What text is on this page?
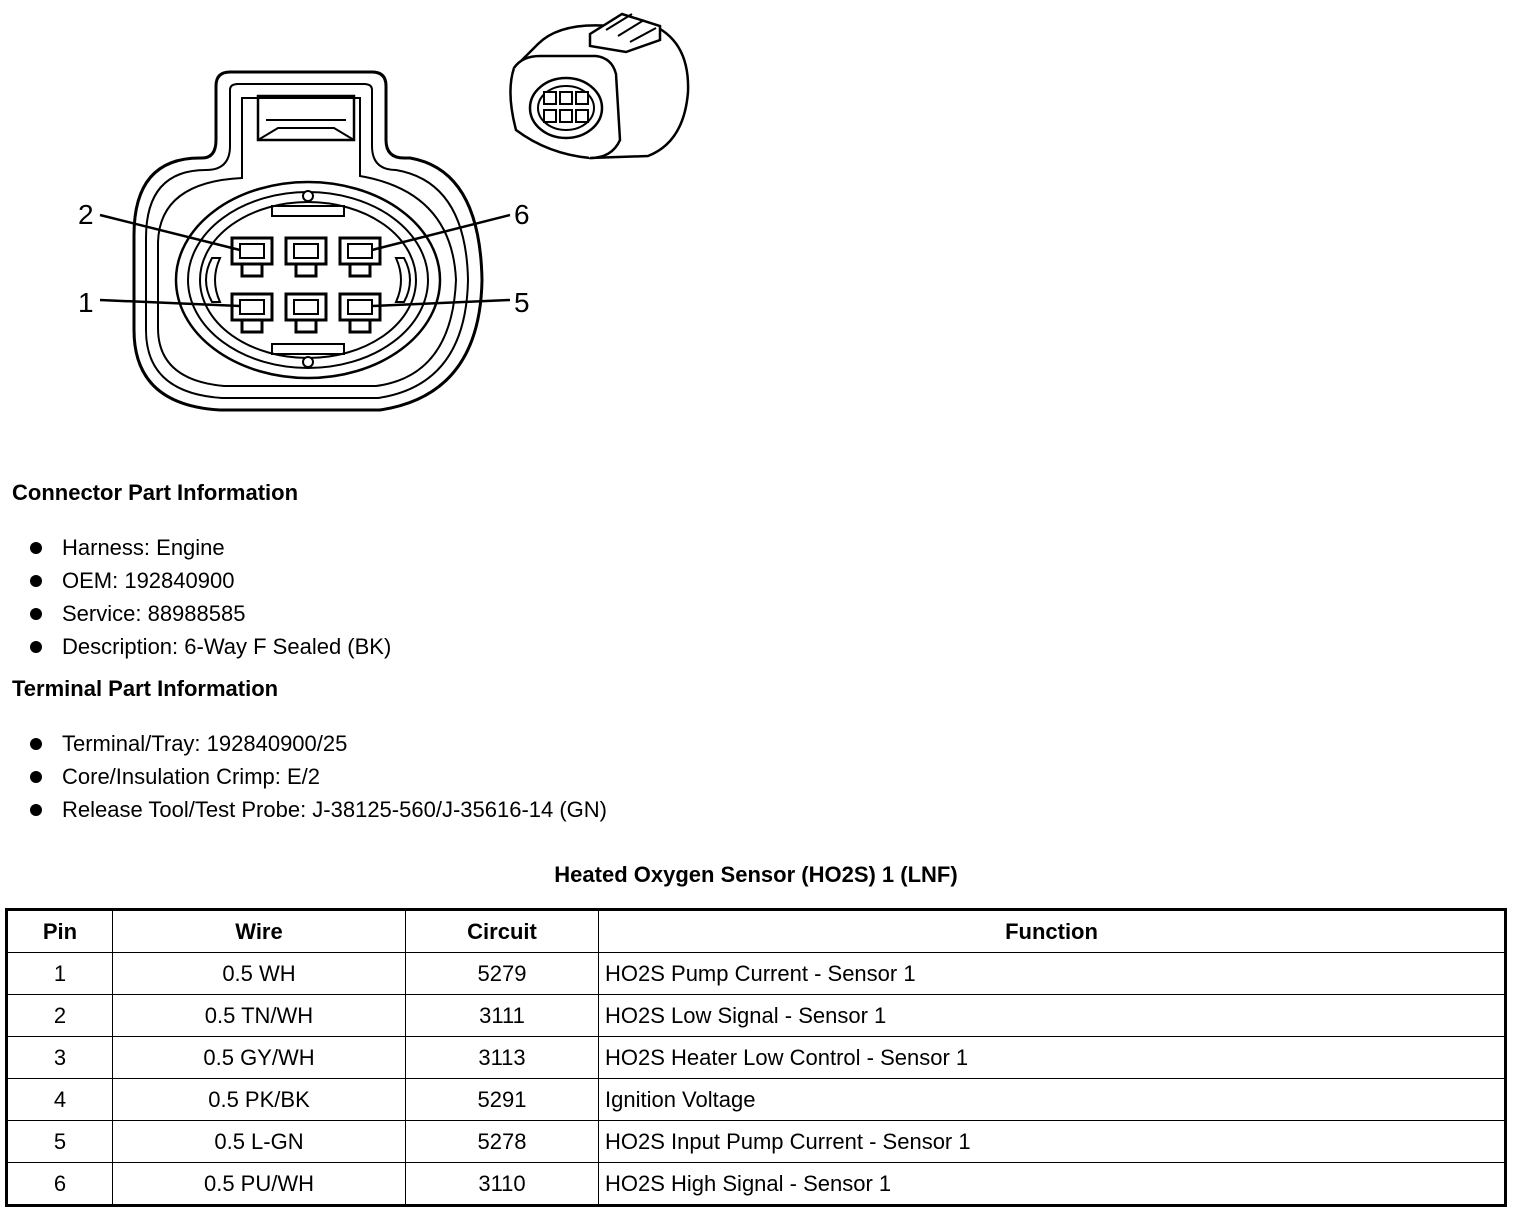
2	6
1	5
Connector Part Information
Harness: Engine
OEM: 192840900
Service: 88988585
Description: 6-Way F Sealed (BK)
Terminal Part Information
Terminal/Tray: 192840900/25
Core/Insulation Crimp: E/2
Release Tool/Test Probe: J-38125-560/J-35616-14 (GN)
Heated Oxygen Sensor (HO2S) 1 (LNF)
Pin	Wire	Circuit	Function
1	0.5 WH	5279	HO2S Pump Current - Sensor 1
2	0.5 TN/WH	3111	HO2S Low Signal - Sensor 1
3	0.5 GY/WH	3113	HO2S Heater Low Control - Sensor 1
4	0.5 PK/BK	5291	Ignition Voltage
5	0.5 L-GN	5278	HO2S Input Pump Current - Sensor 1
6	0.5 PU/WH	3110	HO2S High Signal - Sensor 1
